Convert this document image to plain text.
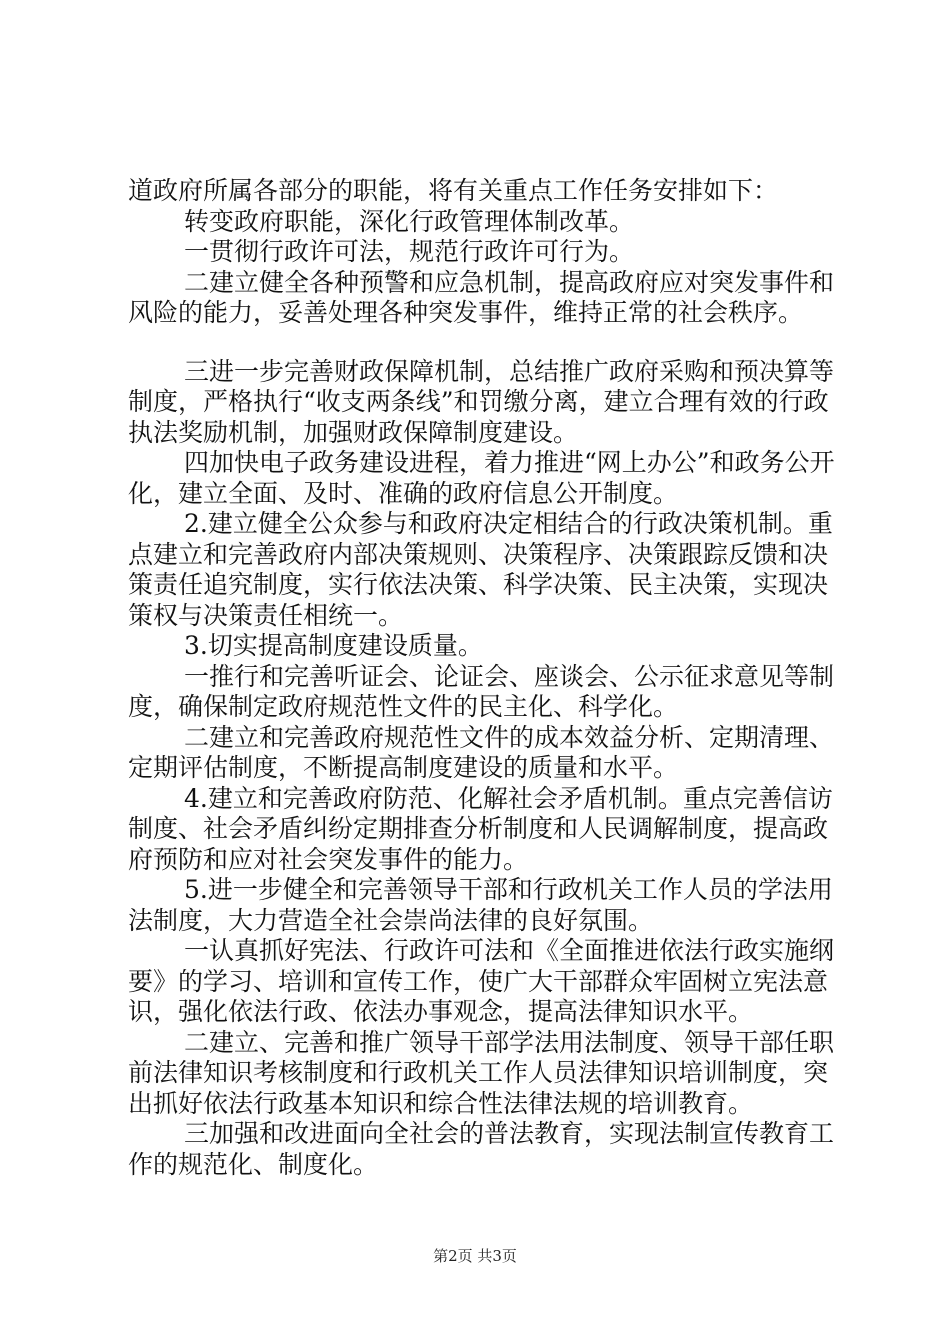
道政府所属各部分的职能，将有关重点工作任务安排如下：

转变政府职能，深化行政管理体制改革。

一贯彻行政许可法，规范行政许可行为。

二建立健全各种预警和应急机制，提高政府应对突发事件和风险的能力，妥善处理各种突发事件，维持正常的社会秩序。

三进一步完善财政保障机制，总结推广政府采购和预决算等制度，严格执行“收支两条线”和罚缴分离，建立合理有效的行政执法奖励机制，加强财政保障制度建设。

四加快电子政务建设进程，着力推进“网上办公”和政务公开化，建立全面、及时、准确的政府信息公开制度。

2.建立健全公众参与和政府决定相结合的行政决策机制。重点建立和完善政府内部决策规则、决策程序、决策跟踪反馈和决策责任追究制度，实行依法决策、科学决策、民主决策，实现决策权与决策责任相统一。

3.切实提高制度建设质量。

一推行和完善听证会、论证会、座谈会、公示征求意见等制度，确保制定政府规范性文件的民主化、科学化。

二建立和完善政府规范性文件的成本效益分析、定期清理、定期评估制度，不断提高制度建设的质量和水平。

4.建立和完善政府防范、化解社会矛盾机制。重点完善信访制度、社会矛盾纠纷定期排查分析制度和人民调解制度，提高政府预防和应对社会突发事件的能力。

5.进一步健全和完善领导干部和行政机关工作人员的学法用法制度，大力营造全社会崇尚法律的良好氛围。

一认真抓好宪法、行政许可法和《全面推进依法行政实施纲要》的学习、培训和宣传工作，使广大干部群众牢固树立宪法意识，强化依法行政、依法办事观念，提高法律知识水平。

二建立、完善和推广领导干部学法用法制度、领导干部任职前法律知识考核制度和行政机关工作人员法律知识培训制度，突出抓好依法行政基本知识和综合性法律法规的培训教育。

三加强和改进面向全社会的普法教育，实现法制宣传教育工作的规范化、制度化。

第2页 共3页
